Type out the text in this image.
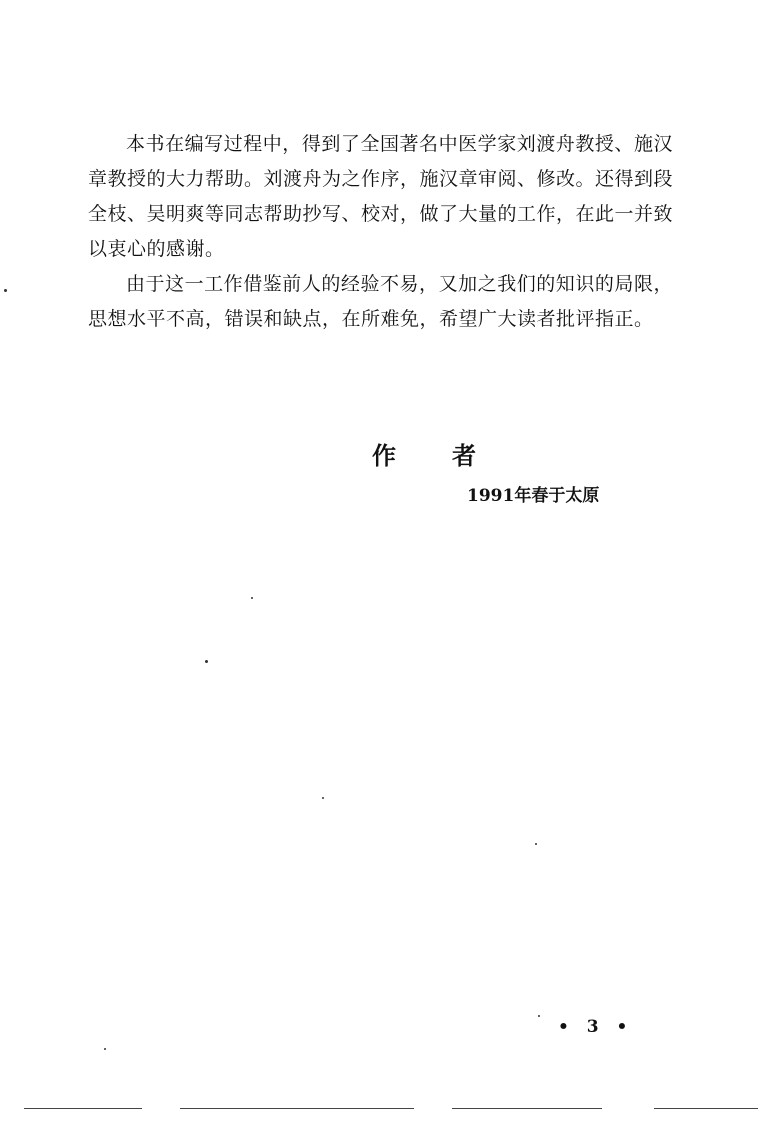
本书在编写过程中，得到了全国著名中医学家刘渡舟教授、施汉章教授的大力帮助。刘渡舟为之作序，施汉章审阅、修改。还得到段全枝、吴明爽等同志帮助抄写、校对，做了大量的工作，在此一并致以衷心的感谢。

由于这一工作借鉴前人的经验不易，又加之我们的知识的局限，思想水平不高，错误和缺点，在所难免，希望广大读者批评指正。

作者
1991年春于太原
• 3 •
